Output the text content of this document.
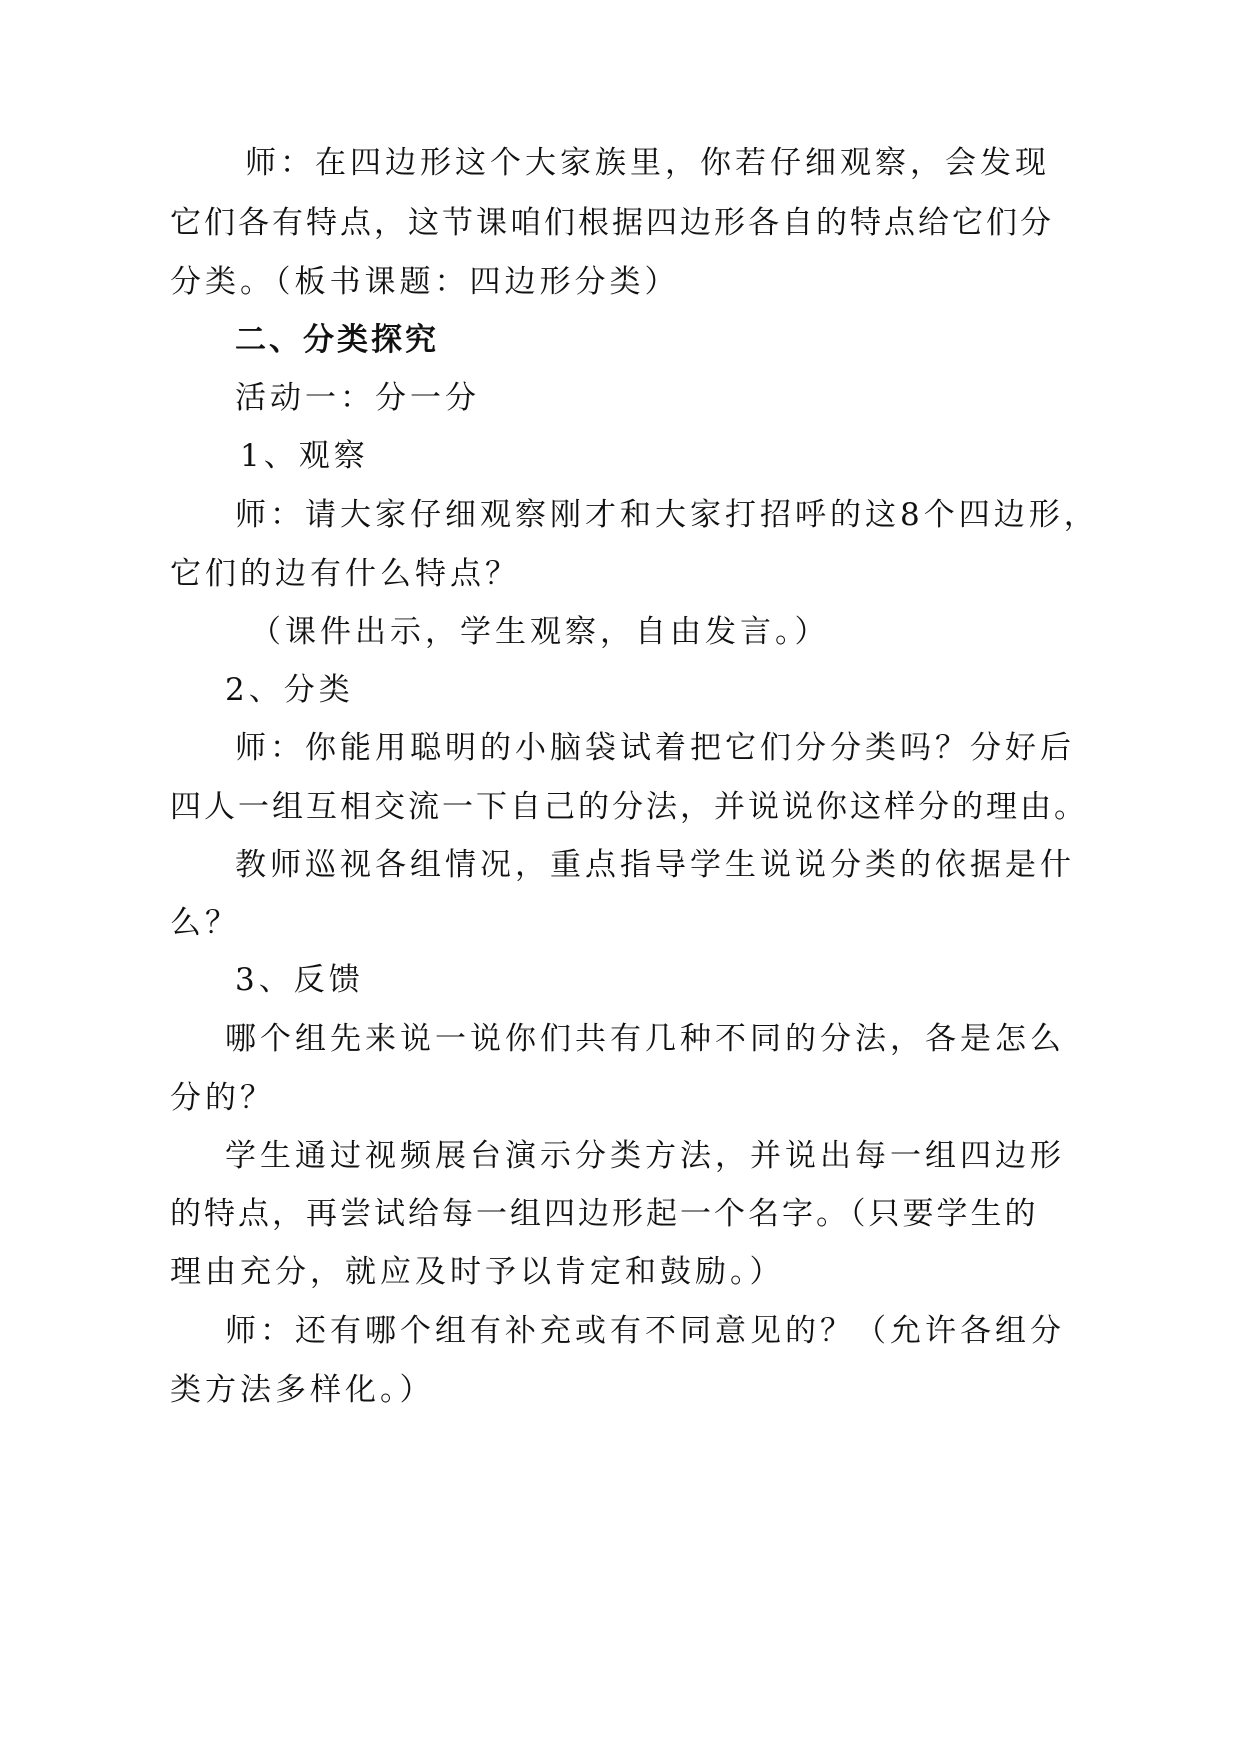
师：在四边形这个大家族里，你若仔细观察，会发现
它们各有特点，这节课咱们根据四边形各自的特点给它们分
分类。（板书课题：四边形分类）
二、分类探究
活动一：分一分
1、观察
师：请大家仔细观察刚才和大家打招呼的这8个四边形，
它们的边有什么特点？
（课件出示，学生观察，自由发言。）
2、分类
师：你能用聪明的小脑袋试着把它们分分类吗？分好后
四人一组互相交流一下自己的分法，并说说你这样分的理由。
教师巡视各组情况，重点指导学生说说分类的依据是什
么？
3、反馈
哪个组先来说一说你们共有几种不同的分法，各是怎么
分的？
学生通过视频展台演示分类方法，并说出每一组四边形
的特点，再尝试给每一组四边形起一个名字。（只要学生的
理由充分，就应及时予以肯定和鼓励。）
师：还有哪个组有补充或有不同意见的？（允许各组分
类方法多样化。）
